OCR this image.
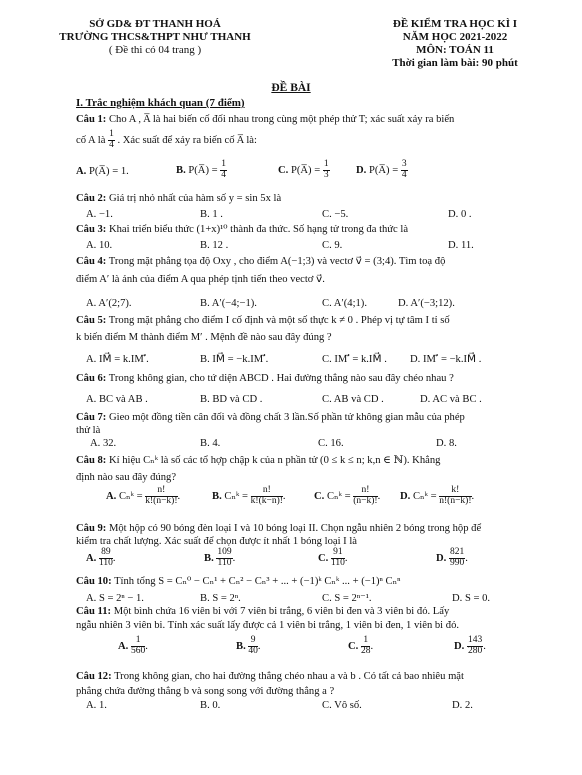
SỞ GD& ĐT THANH HOÁ
TRƯỜNG THCS&THPT NHƯ THANH
( Đề thi có 04 trang )
ĐỀ KIỂM TRA HỌC KÌ I
NĂM HỌC 2021-2022
MÔN: TOÁN 11
Thời gian làm bài: 90 phút
ĐỀ BÀI
I. Trắc nghiệm khách quan (7 điểm)
Câu 1: Cho A , A̅ là hai biến cố đối nhau trong cùng một phép thử T; xác suất xảy ra biến
cố A là $\frac{1}{4}$ . Xác suất để xảy ra biến cố A̅ là:
A. P(A̅) = 1.	B. P(A̅) = $\frac{1}{4}$	C. P(A̅) = $\frac{1}{3} D$. P(A̅) = $\frac{3}{4}$
Câu 2: Giá trị nhỏ nhất của hàm số y = sin 5x là
A. −1.	B. 1 .	C. −5.	D. 0 .
Câu 3: Khai triển biểu thức (1+x)¹⁰ thành đa thức. Số hạng tử trong đa thức là
A. 10.	B. 12 .	C. 9.	D. 11.
Câu 4: Trong mặt phẳng tọa độ Oxy , cho điểm A(−1;3) và vectơ v⃗ = (3;4). Tìm toạ độ
điểm A′ là ảnh của điểm A qua phép tịnh tiến theo vectơ v⃗.
A. A′(2;7).	B. A′(−4;−1).	C. A′(4;1).	D. A′(−3;12).
Câu 5: Trong mặt phẳng cho điểm I cố định và một số thực k ≠ 0 . Phép vị tự tâm I tỉ số
k biến điểm M thành điểm M′ . Mệnh đề nào sau đây đúng ?
A. IM⃗ = k.IM′⃗.	B. IM⃗ = −k.IM′⃗.	C. IM′⃗ = k.IM⃗ . D. IM′⃗ = −k.IM⃗ .
Câu 6: Trong không gian, cho tứ diện ABCD . Hai đường thẳng nào sau đây chéo nhau ?
A. BC và AB .	B. BD và CD .	C. AB và CD .	D. AC và BC .
Câu 7: Gieo một đồng tiền cân đối và đồng chất 3 lần.Số phần tử không gian mẫu của phép
thử là
A. 32.	B. 4.	C. 16.	D. 8.
Câu 8: Kí hiệu Cₙᵏ là số các tổ hợp chập k của n phần tử (0 ≤ k ≤ n; k,n ∈ ℕ). Khẳng
định nào sau đây đúng?
A. Cₙᵏ = $\frac{n!}{k!(n-k)!}$ .	B. Cₙᵏ = $\frac{n!}{k!(k-n)!}$ .	C. Cₙᵏ = $\frac{n!}{(n-k)!}$ . D. Cₙᵏ = $\frac{k!}{n!(n-k)!}$ .
Câu 9: Một hộp có 90 bóng đèn loại I và 10 bóng loại II. Chọn ngẫu nhiên 2 bóng trong hộp để
kiểm tra chất lượng. Xác suất để chọn được ít nhất 1 bóng loại I là
A. $\frac{89}{110}$ .	B. $\frac{109}{110}$ .	C. $\frac{91}{110}$ .	D. $\frac{821}{990}$ .
Câu 10: Tính tổng S = Cₙ⁰ − Cₙ¹ + Cₙ² − Cₙ³ + ... + (−1)ᵏ Cₙᵏ ... + (−1)ⁿ Cₙⁿ
A. S = 2ⁿ − 1.	B. S = 2ⁿ.	C. S = 2ⁿ⁻¹.	D. S = 0.
Câu 11: Một bình chứa 16 viên bi với 7 viên bi trắng, 6 viên bi đen và 3 viên bi đỏ. Lấy
ngẫu nhiên 3 viên bi. Tính xác suất lấy được cả 1 viên bi trắng, 1 viên bi đen, 1 viên bi đỏ.
A. $\frac{1}{560}$ .	B. $\frac{9}{40}$ .	C. $\frac{1}{28}$ .	D. $\frac{143}{280}$ .
Câu 12: Trong không gian, cho hai đường thẳng chéo nhau a và b . Có tất cả bao nhiêu mặt
phẳng chứa đường thẳng b và song song với đường thẳng a ?
A. 1.	B. 0.	C. Vô số.	D. 2.
